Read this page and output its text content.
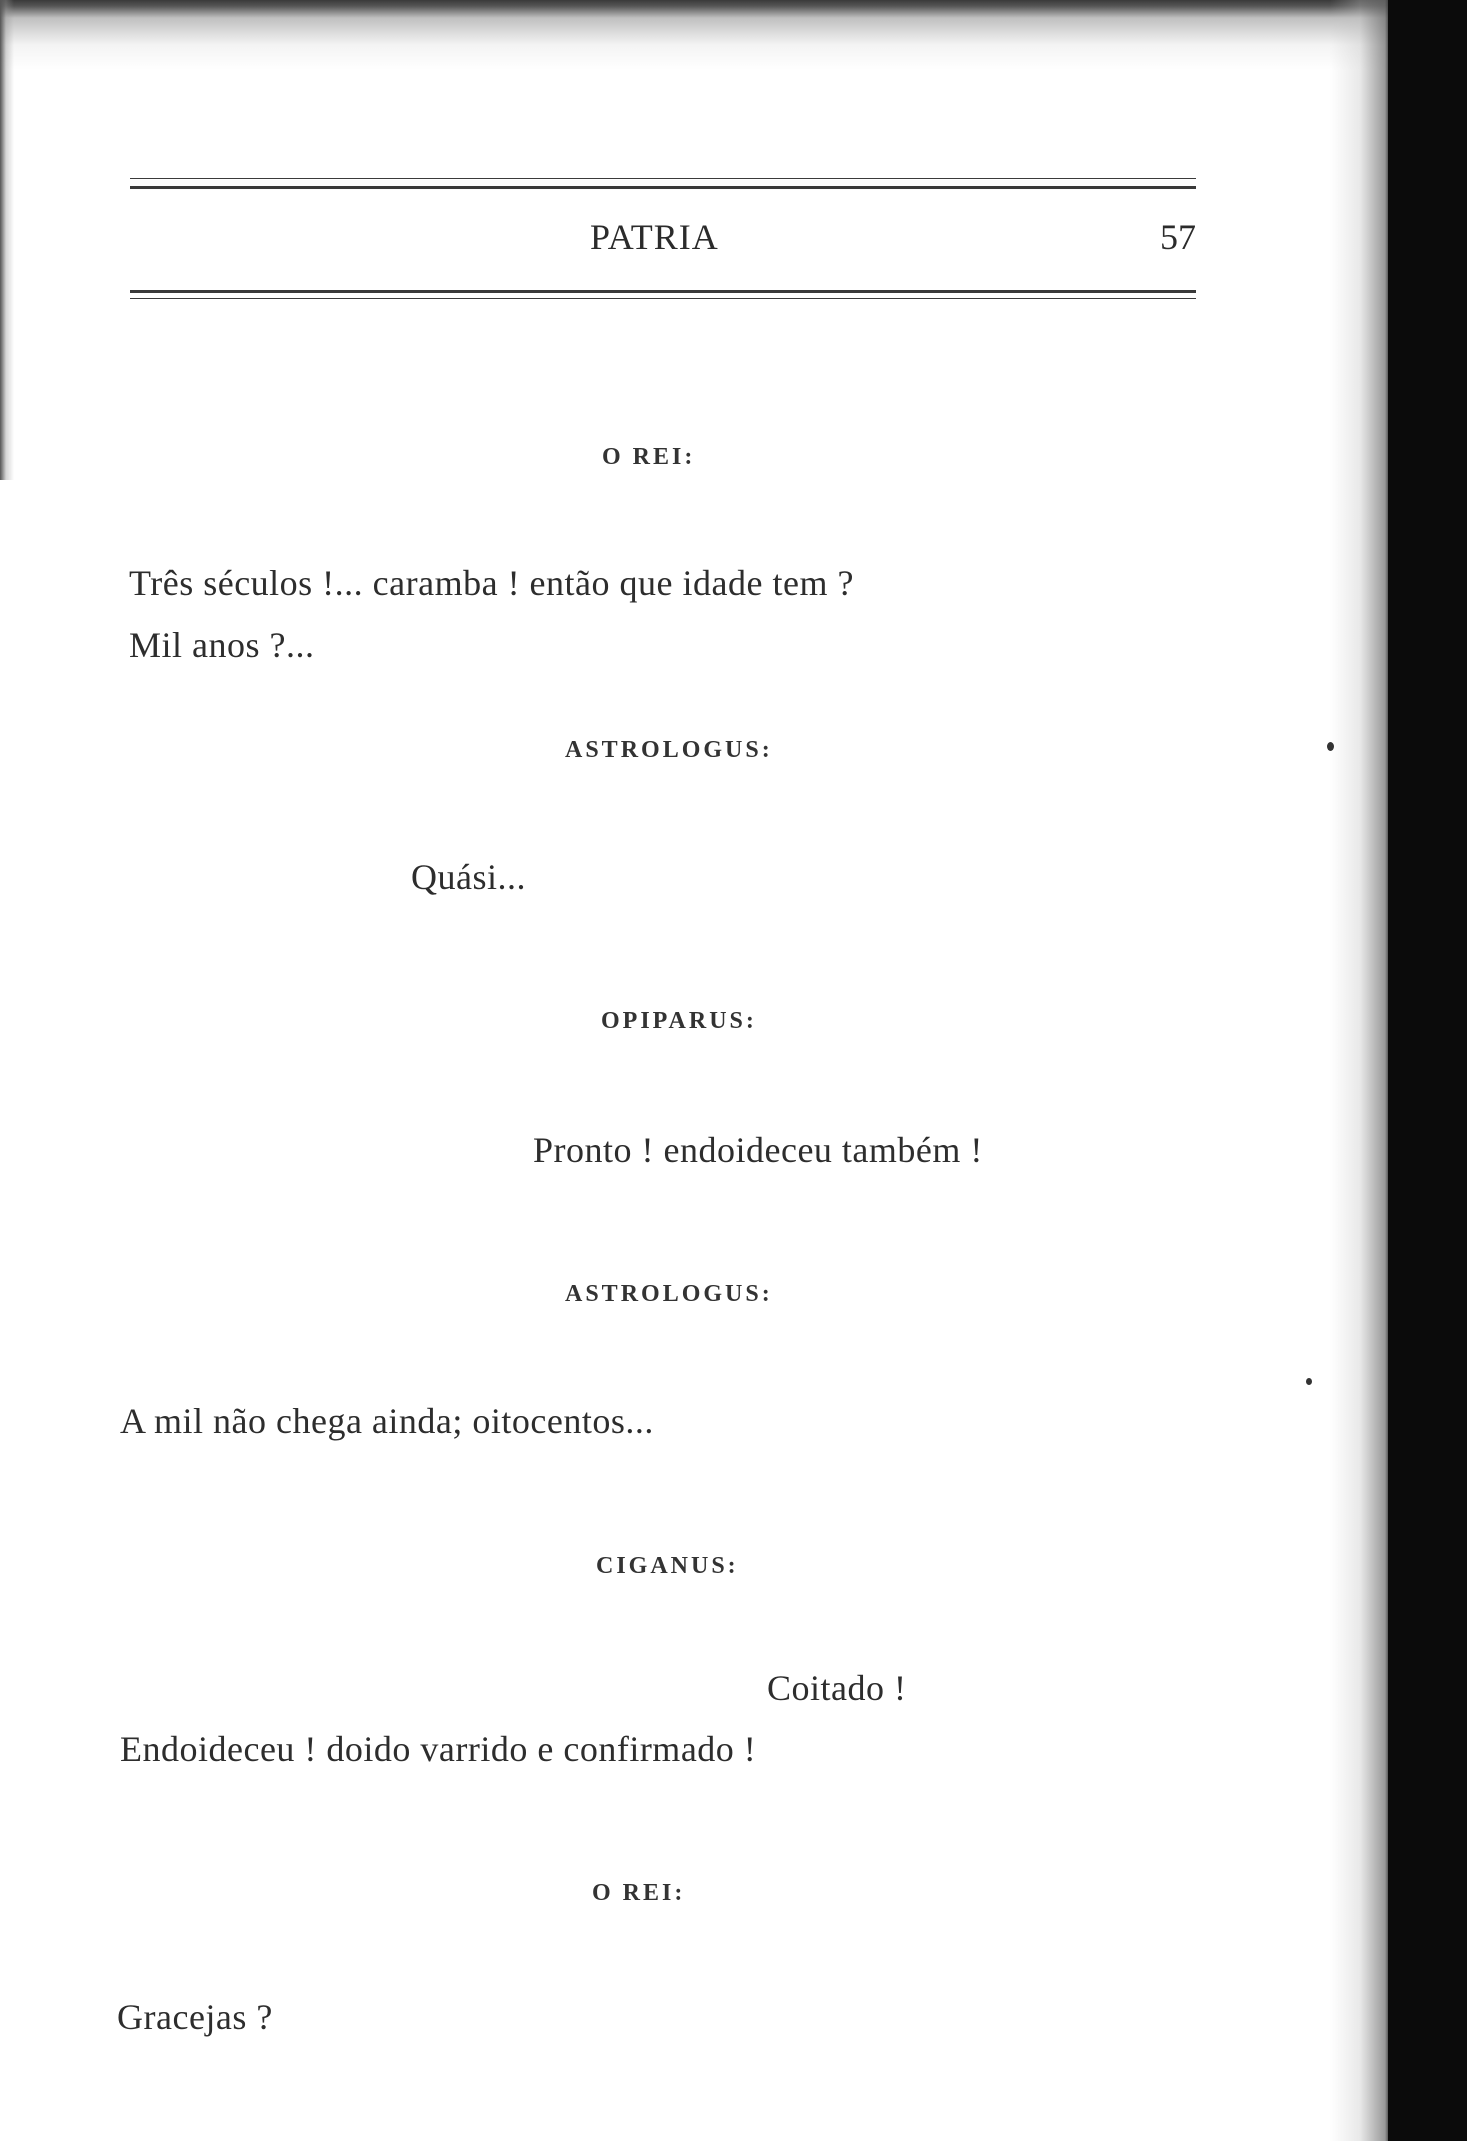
PATRIA	57
O REI:
Três séculos !... caramba ! então que idade tem ?
Mil anos ?...
ASTROLOGUS:
Quási...
OPIPARUS:
Pronto ! endoideceu também !
ASTROLOGUS:
A mil não chega ainda; oitocentos...
CIGANUS:
Coitado !
Endoideceu ! doido varrido e confirmado !
O REI:
Gracejas ?
